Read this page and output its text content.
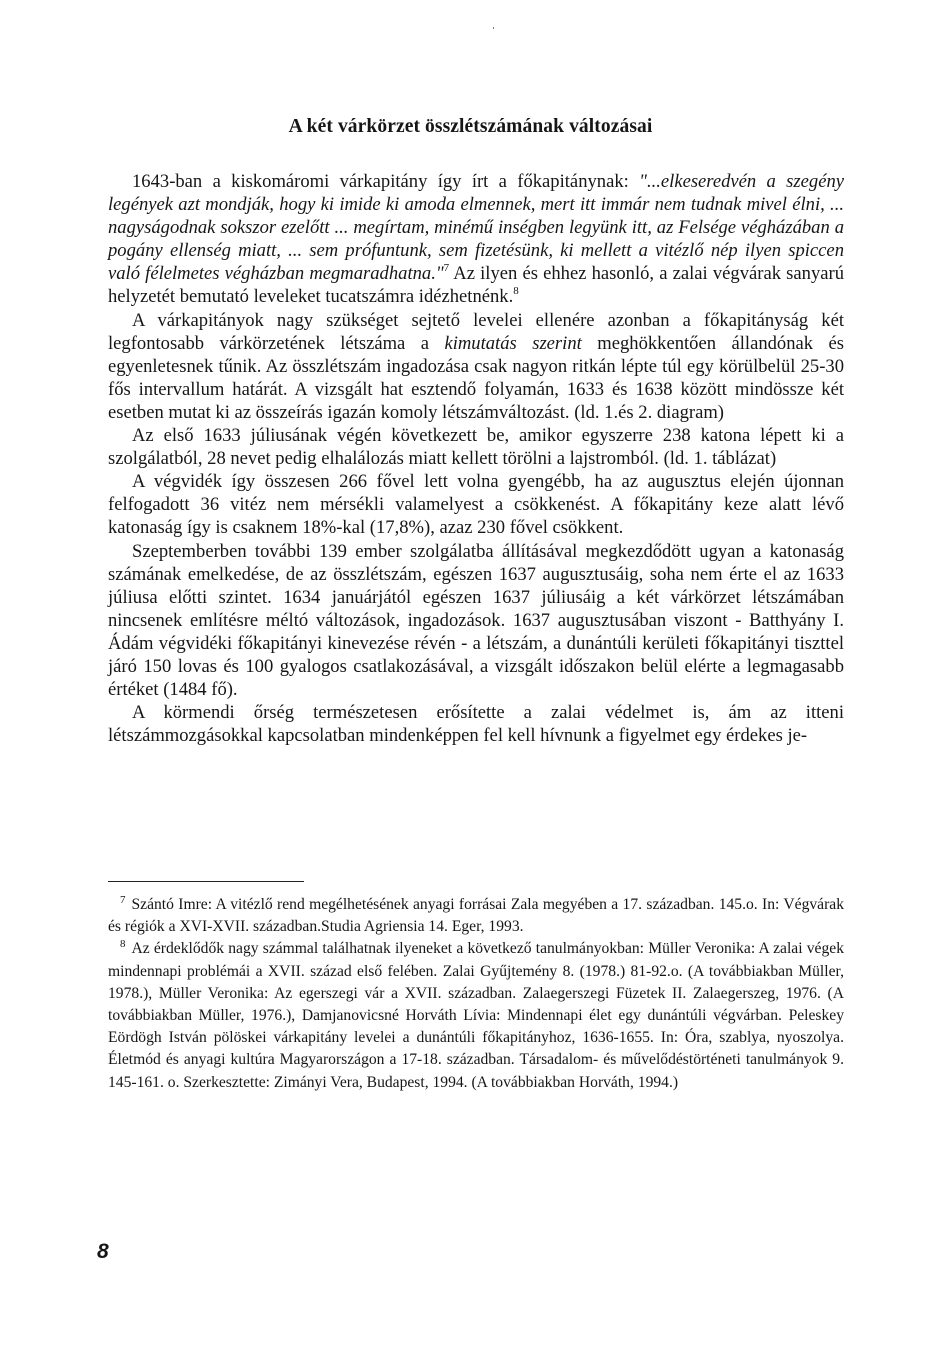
A két várkörzet összlétszámának változásai

1643-ban a kiskomáromi várkapitány így írt a főkapitánynak: "...elkeseredvén a szegény legények azt mondják, hogy ki imide ki amoda elmennek, mert itt immár nem tudnak mivel élni, ... nagyságodnak sokszor ezelőtt ... megírtam, minémű inségben legyünk itt, az Felsége végházában a pogány ellenség miatt, ... sem prófuntunk, sem fizetésünk, ki mellett a vitézlő nép ilyen spiccen való félelmetes végházban megmaradhatna."$^7$ Az ilyen és ehhez hasonló, a zalai végvárak sanyarú helyzetét bemutató leveleket tucatszámra idézhetnénk.$^8$

A várkapitányok nagy szükséget sejtető levelei ellenére azonban a főkapitányság két legfontosabb várkörzetének létszáma a kimutatás szerint meghökkentően állandónak és egyenletesnek tűnik. Az összlétszám ingadozása csak nagyon ritkán lépte túl egy körülbelül 25-30 fős intervallum határát. A vizsgált hat esztendő folyamán, 1633 és 1638 között mindössze két esetben mutat ki az összeírás igazán komoly létszámváltozást. (ld. 1.és 2. diagram)

Az első 1633 júliusának végén következett be, amikor egyszerre 238 katona lépett ki a szolgálatból, 28 nevet pedig elhalálozás miatt kellett törölni a lajstromból. (ld. 1. táblázat)

A végvidék így összesen 266 fővel lett volna gyengébb, ha az augusztus elején újonnan felfogadott 36 vitéz nem mérsékli valamelyest a csökkenést. A főkapitány keze alatt lévő katonaság így is csaknem 18%-kal (17,8%), azaz 230 fővel csökkent.

Szeptemberben további 139 ember szolgálatba állításával megkezdődött ugyan a katonaság számának emelkedése, de az összlétszám, egészen 1637 augusztusáig, soha nem érte el az 1633 júliusa előtti szintet. 1634 januárjától egészen 1637 júliusáig a két várkörzet létszámában nincsenek említésre méltó változások, ingadozások. 1637 augusztusában viszont - Batthyány I. Ádám végvidéki főkapitányi kinevezése révén - a létszám, a dunántúli kerületi főkapitányi tiszttel járó 150 lovas és 100 gyalogos csatlakozásával, a vizsgált időszakon belül elérte a legmagasabb értéket (1484 fő).

A körmendi őrség természetesen erősítette a zalai védelmet is, ám az itteni létszámmozgásokkal kapcsolatban mindenképpen fel kell hívnunk a figyelmet egy érdekes je-

$^7$ Szántó Imre: A vitézlő rend megélhetésének anyagi forrásai Zala megyében a 17. században. 145.o. In: Végvárak és régiók a XVI-XVII. században.Studia Agriensia 14. Eger, 1993.

$^8$ Az érdeklődők nagy számmal találhatnak ilyeneket a következő tanulmányokban: Müller Veronika: A zalai végek mindennapi problémái a XVII. század első felében. Zalai Gyűjtemény 8. (1978.) 81-92.o. (A továbbiakban Müller, 1978.), Müller Veronika: Az egerszegi vár a XVII. században. Zalaegerszegi Füzetek II. Zalaegerszeg, 1976. (A továbbiakban Müller, 1976.), Damjanovicsné Horváth Lívia: Mindennapi élet egy dunántúli végvárban. Peleskey Eördögh István pölöskei várkapitány levelei a dunántúli főkapitányhoz, 1636-1655. In: Óra, szablya, nyoszolya. Életmód és anyagi kultúra Magyarországon a 17-18. században. Társadalom- és művelődéstörténeti tanulmányok 9. 145-161. o. Szerkesztette: Zimányi Vera, Budapest, 1994. (A továbbiakban Horváth, 1994.)

8
